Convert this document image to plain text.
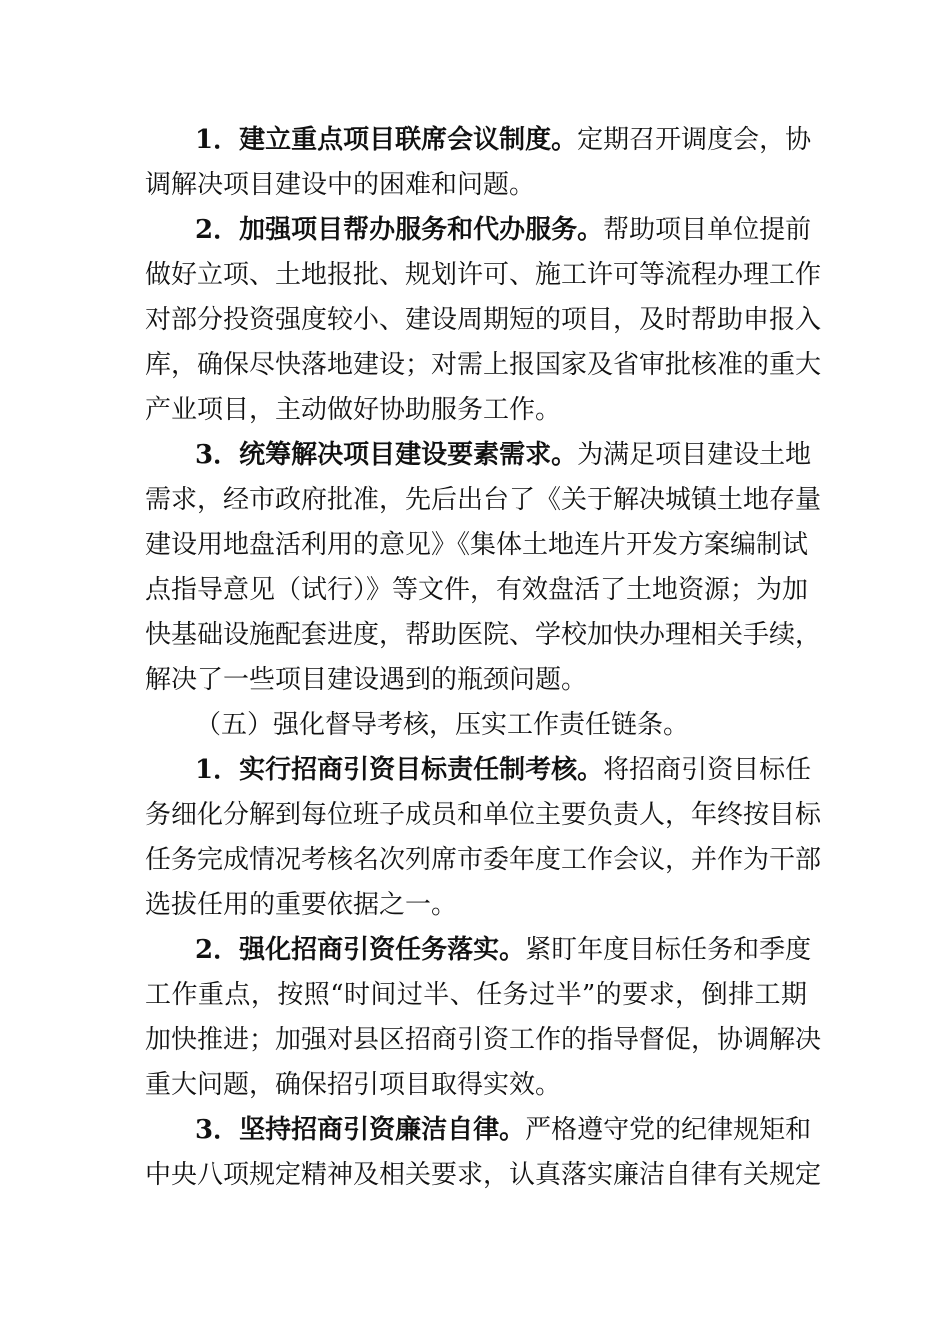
1．建立重点项目联席会议制度。定期召开调度会，协
调解决项目建设中的困难和问题。
2．加强项目帮办服务和代办服务。帮助项目单位提前
做好立项、土地报批、规划许可、施工许可等流程办理工作
对部分投资强度较小、建设周期短的项目，及时帮助申报入
库，确保尽快落地建设；对需上报国家及省审批核准的重大
产业项目，主动做好协助服务工作。
3．统筹解决项目建设要素需求。为满足项目建设土地
需求，经市政府批准，先后出台了《关于解决城镇土地存量
建设用地盘活利用的意见》《集体土地连片开发方案编制试
点指导意见（试行）》等文件，有效盘活了土地资源；为加
快基础设施配套进度，帮助医院、学校加快办理相关手续，
解决了一些项目建设遇到的瓶颈问题。
（五）强化督导考核，压实工作责任链条。
1．实行招商引资目标责任制考核。将招商引资目标任
务细化分解到每位班子成员和单位主要负责人，年终按目标
任务完成情况考核名次列席市委年度工作会议，并作为干部
选拔任用的重要依据之一。
2．强化招商引资任务落实。紧盯年度目标任务和季度
工作重点，按照“时间过半、任务过半”的要求，倒排工期
加快推进；加强对县区招商引资工作的指导督促，协调解决
重大问题，确保招引项目取得实效。
3．坚持招商引资廉洁自律。严格遵守党的纪律规矩和
中央八项规定精神及相关要求，认真落实廉洁自律有关规定
